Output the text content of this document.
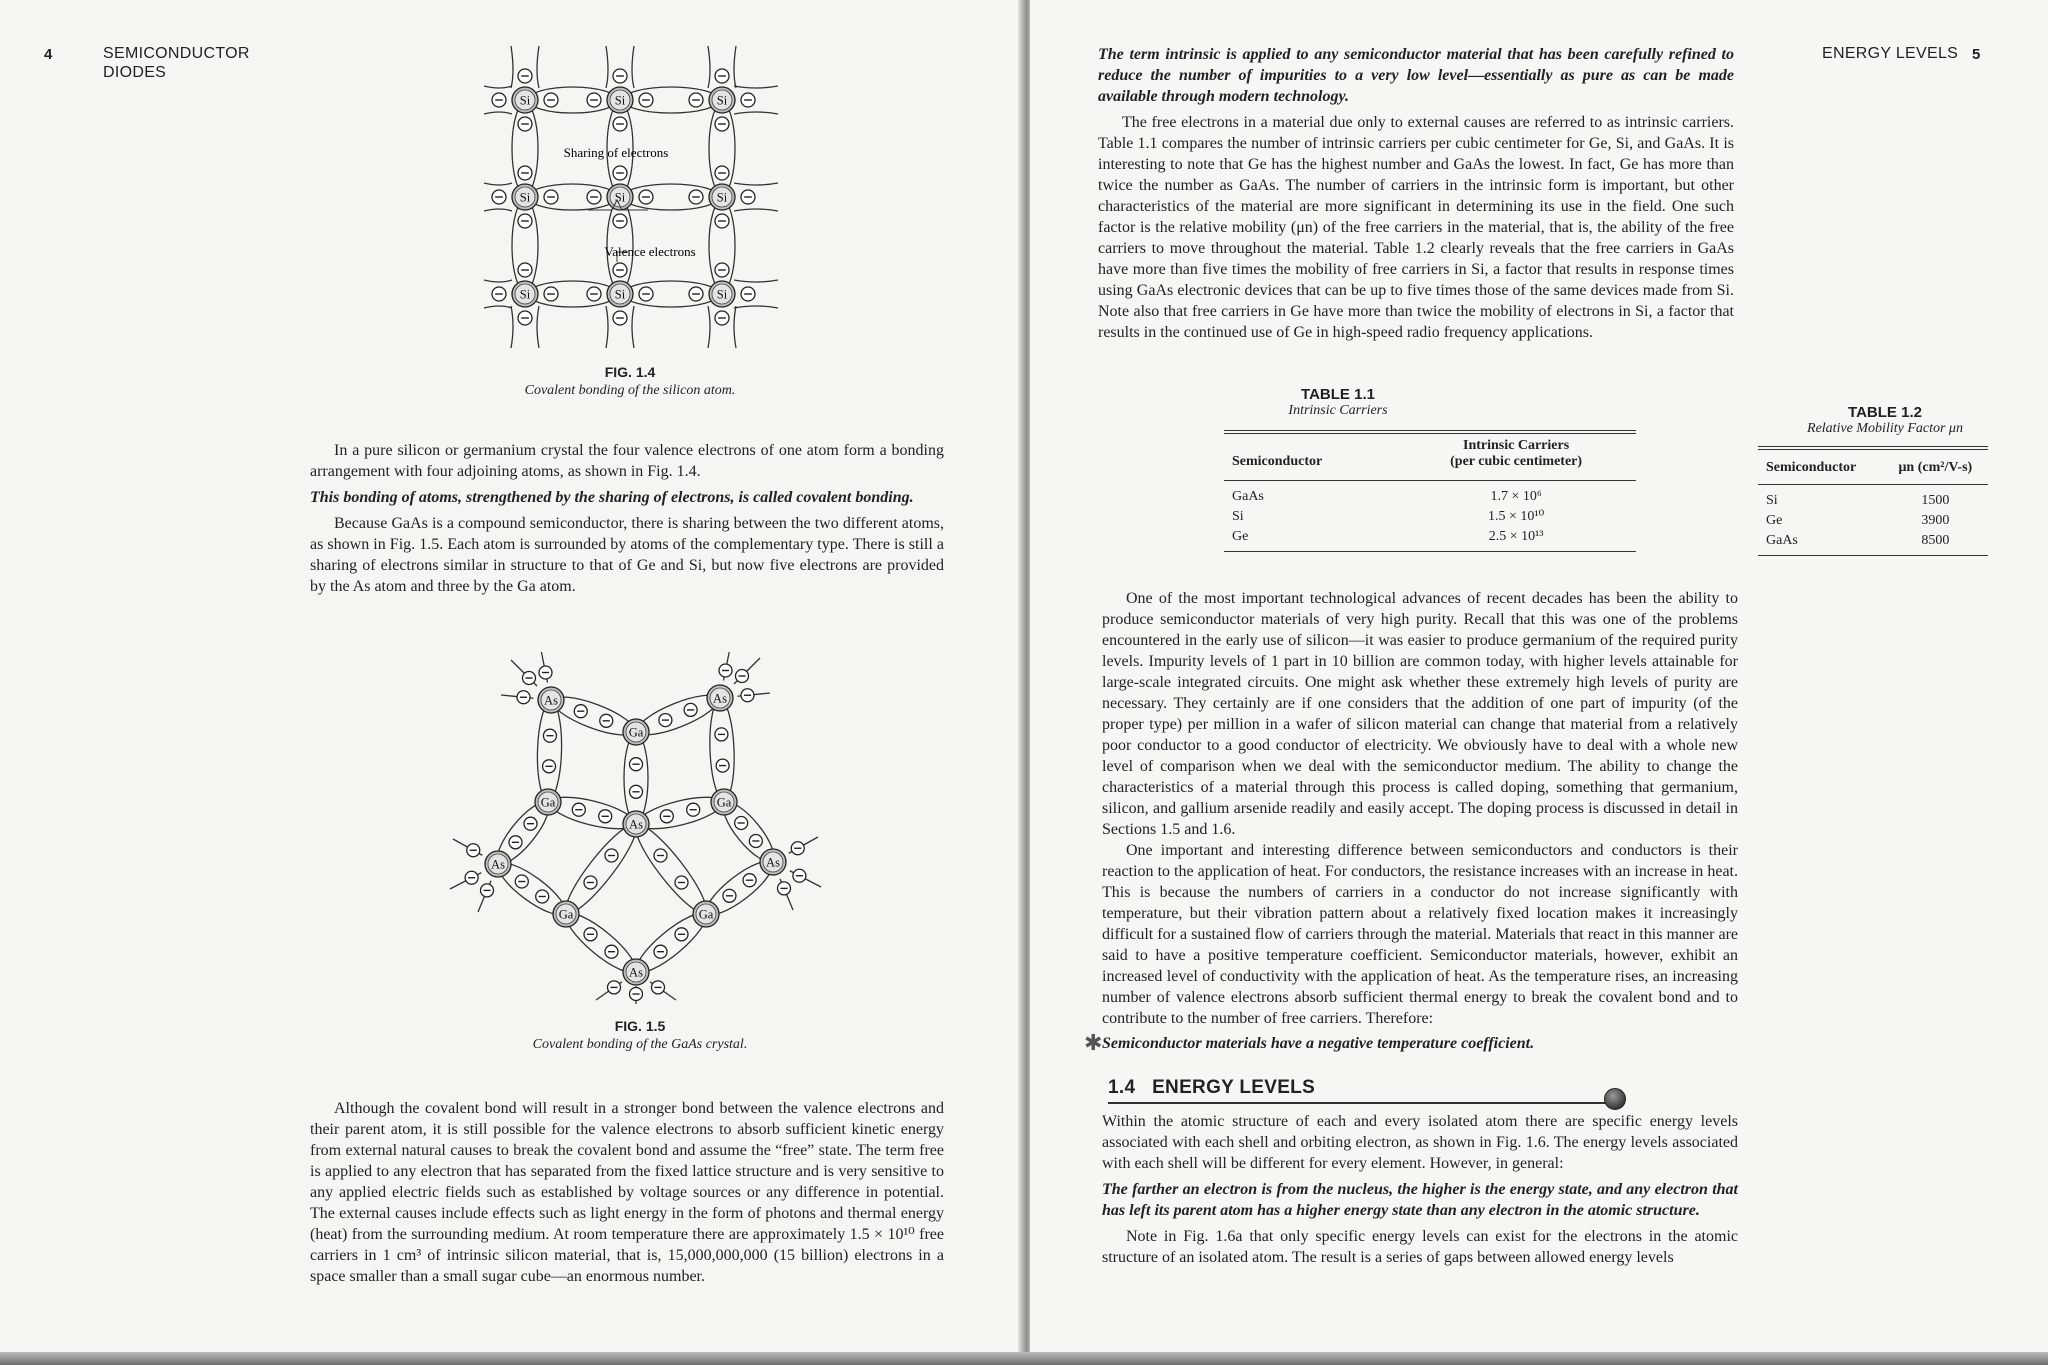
4	SEMICONDUCTOR DIODES
Si
Si
Si
Si
Si
Si
Si
Si
Si
Sharing of electrons
Valence electrons
FIG. 1.4
Covalent bonding of the silicon atom.

In a pure silicon or germanium crystal the four valence electrons of one atom form a bonding arrangement with four adjoining atoms, as shown in Fig. 1.4.

This bonding of atoms, strengthened by the sharing of electrons, is called covalent bonding.

Because GaAs is a compound semiconductor, there is sharing between the two different atoms, as shown in Fig. 1.5. Each atom is surrounded by atoms of the complementary type. There is still a sharing of electrons similar in structure to that of Ge and Si, but now five electrons are provided by the As atom and three by the Ga atom.

As	As
As
As	As
As
Ga
Ga	Ga
Ga	Ga
FIG. 1.5
Covalent bonding of the GaAs crystal.

Although the covalent bond will result in a stronger bond between the valence electrons and their parent atom, it is still possible for the valence electrons to absorb sufficient kinetic energy from external natural causes to break the covalent bond and assume the “free” state. The term free is applied to any electron that has separated from the fixed lattice structure and is very sensitive to any applied electric fields such as established by voltage sources or any difference in potential. The external causes include effects such as light energy in the form of photons and thermal energy (heat) from the surrounding medium. At room temperature there are approximately 1.5 × 10¹⁰ free carriers in 1 cm³ of intrinsic silicon material, that is, 15,000,000,000 (15 billion) electrons in a space smaller than a small sugar cube—an enormous number.

ENERGY LEVELS 5

The term intrinsic is applied to any semiconductor material that has been carefully refined to reduce the number of impurities to a very low level—essentially as pure as can be made available through modern technology.

The free electrons in a material due only to external causes are referred to as intrinsic carriers. Table 1.1 compares the number of intrinsic carriers per cubic centimeter for Ge, Si, and GaAs. It is interesting to note that Ge has the highest number and GaAs the lowest. In fact, Ge has more than twice the number as GaAs. The number of carriers in the intrinsic form is important, but other characteristics of the material are more significant in determining its use in the field. One such factor is the relative mobility (μn) of the free carriers in the material, that is, the ability of the free carriers to move throughout the material. Table 1.2 clearly reveals that the free carriers in GaAs have more than five times the mobility of free carriers in Si, a factor that results in response times using GaAs electronic devices that can be up to five times those of the same devices made from Si. Note also that free carriers in Ge have more than twice the mobility of electrons in Si, a factor that results in the continued use of Ge in high-speed radio frequency applications.

TABLE 1.1
Intrinsic Carriers
Semiconductor	Intrinsic Carriers
(per cubic centimeter)

GaAs	1.7 × 10⁶
Si	1.5 × 10¹⁰
Ge	2.5 × 10¹³
TABLE 1.2
Relative Mobility Factor μn
Semiconductor	μn (cm²/V-s)

Si	1500
Ge	3900
GaAs	8500

One of the most important technological advances of recent decades has been the ability to produce semiconductor materials of very high purity. Recall that this was one of the problems encountered in the early use of silicon—it was easier to produce germanium of the required purity levels. Impurity levels of 1 part in 10 billion are common today, with higher levels attainable for large-scale integrated circuits. One might ask whether these extremely high levels of purity are necessary. They certainly are if one considers that the addition of one part of impurity (of the proper type) per million in a wafer of silicon material can change that material from a relatively poor conductor to a good conductor of electricity. We obviously have to deal with a whole new level of comparison when we deal with the semiconductor medium. The ability to change the characteristics of a material through this process is called doping, something that germanium, silicon, and gallium arsenide readily and easily accept. The doping process is discussed in detail in Sections 1.5 and 1.6.

One important and interesting difference between semiconductors and conductors is their reaction to the application of heat. For conductors, the resistance increases with an increase in heat. This is because the numbers of carriers in a conductor do not increase significantly with temperature, but their vibration pattern about a relatively fixed location makes it increasingly difficult for a sustained flow of carriers through the material. Materials that react in this manner are said to have a positive temperature coefficient. Semiconductor materials, however, exhibit an increased level of conductivity with the application of heat. As the temperature rises, an increasing number of valence electrons absorb sufficient thermal energy to break the covalent bond and to contribute to the number of free carriers. Therefore:

Semiconductor materials have a negative temperature coefficient.

Within the atomic structure of each and every isolated atom there are specific energy levels associated with each shell and orbiting electron, as shown in Fig. 1.6. The energy levels associated with each shell will be different for every element. However, in general:

The farther an electron is from the nucleus, the higher is the energy state, and any electron that has left its parent atom has a higher energy state than any electron in the atomic structure.

Note in Fig. 1.6a that only specific energy levels can exist for the electrons in the atomic structure of an isolated atom. The result is a series of gaps between allowed energy levels

1.4 ENERGY LEVELS
✱
